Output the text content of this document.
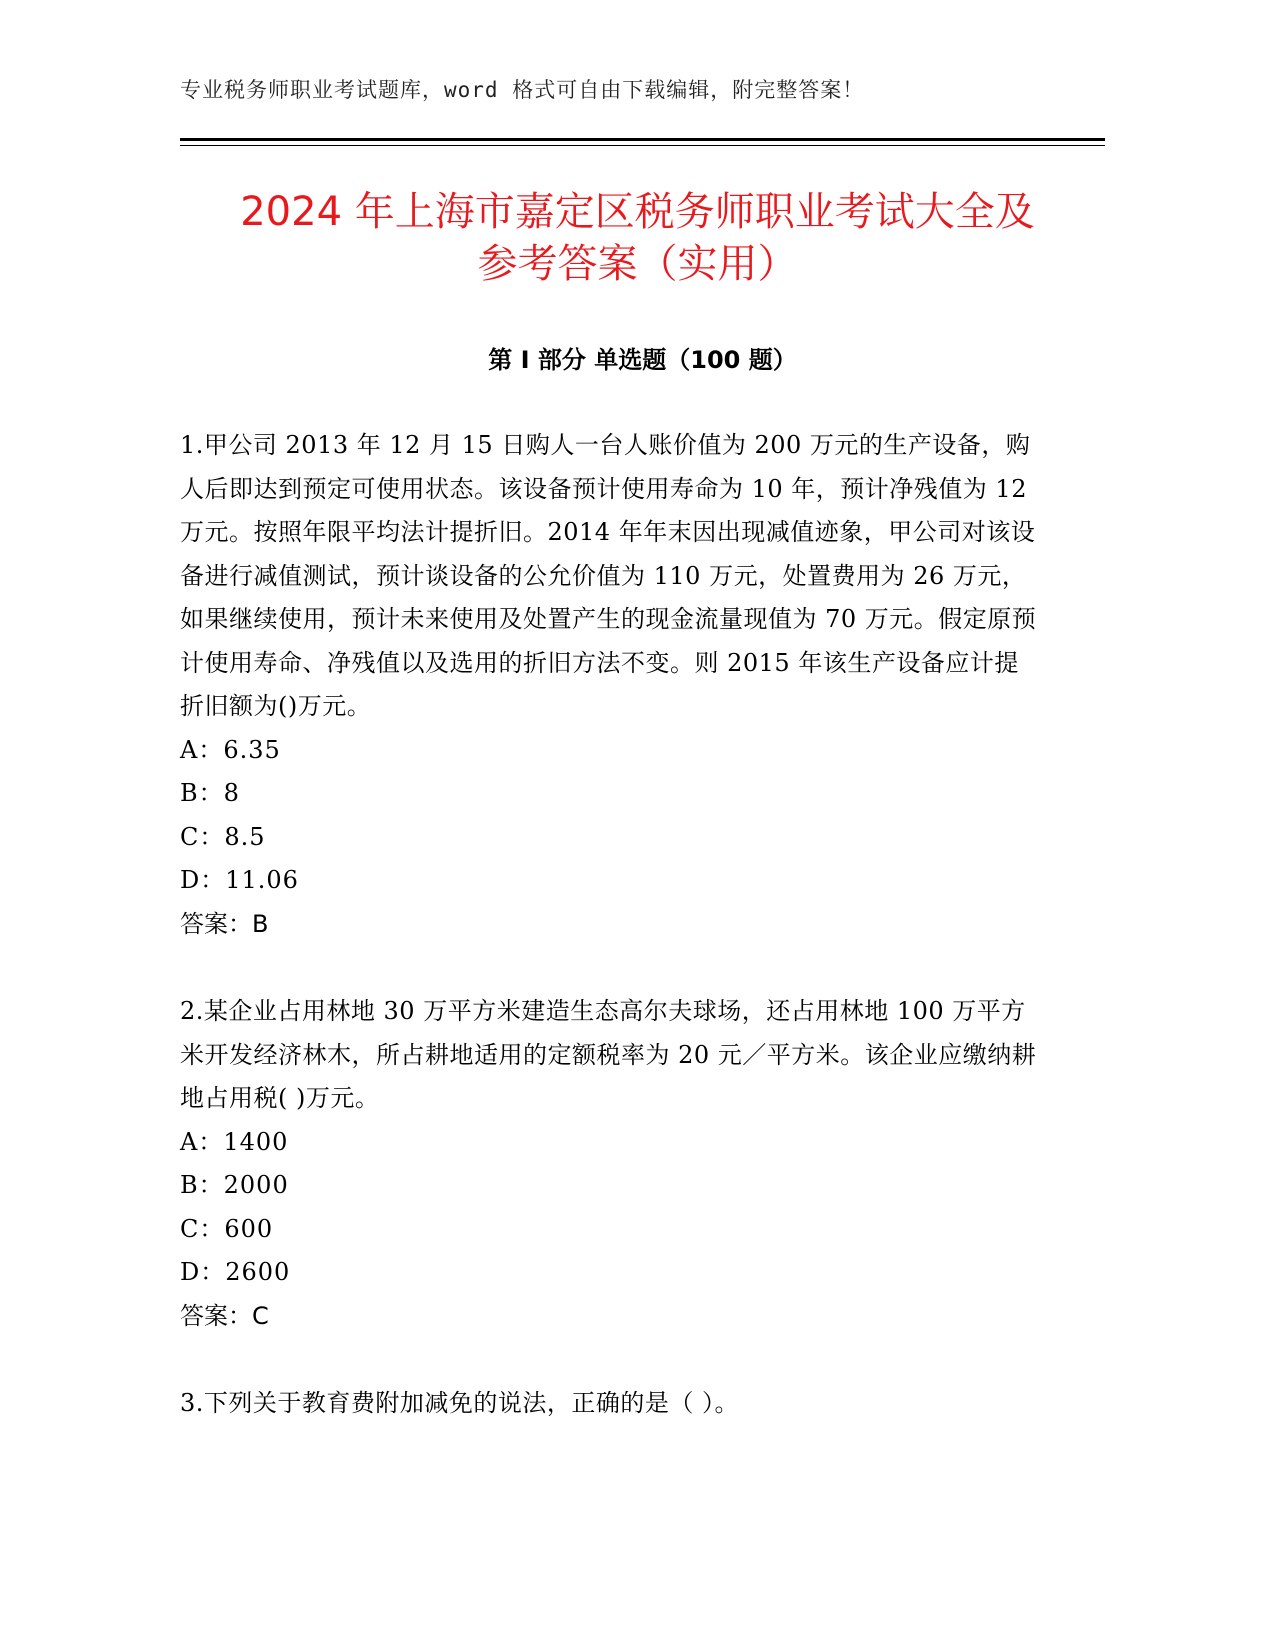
专业税务师职业考试题库，word 格式可自由下载编辑，附完整答案！
2024 年上海市嘉定区税务师职业考试大全及
参考答案（实用）
第 I 部分 单选题（100 题）

1.甲公司 2013 年 12 月 15 日购人一台人账价值为 200 万元的生产设备，购人后即达到预定可使用状态。该设备预计使用寿命为 10 年，预计净残值为 12 万元。按照年限平均法计提折旧。2014 年年末因出现减值迹象，甲公司对该设备进行减值测试，预计谈设备的公允价值为 110 万元，处置费用为 26 万元，如果继续使用，预计未来使用及处置产生的现金流量现值为 70 万元。假定原预计使用寿命、净残值以及选用的折旧方法不变。则 2015 年该生产设备应计提折旧额为()万元。

A：6.35

B：8

C：8.5

D：11.06

答案：B

2.某企业占用林地 30 万平方米建造生态高尔夫球场，还占用林地 100 万平方米开发经济林木，所占耕地适用的定额税率为 20 元／平方米。该企业应缴纳耕地占用税( )万元。

A：1400

B：2000

C：600

D：2600

答案：C

3.下列关于教育费附加减免的说法，正确的是（ ）。
